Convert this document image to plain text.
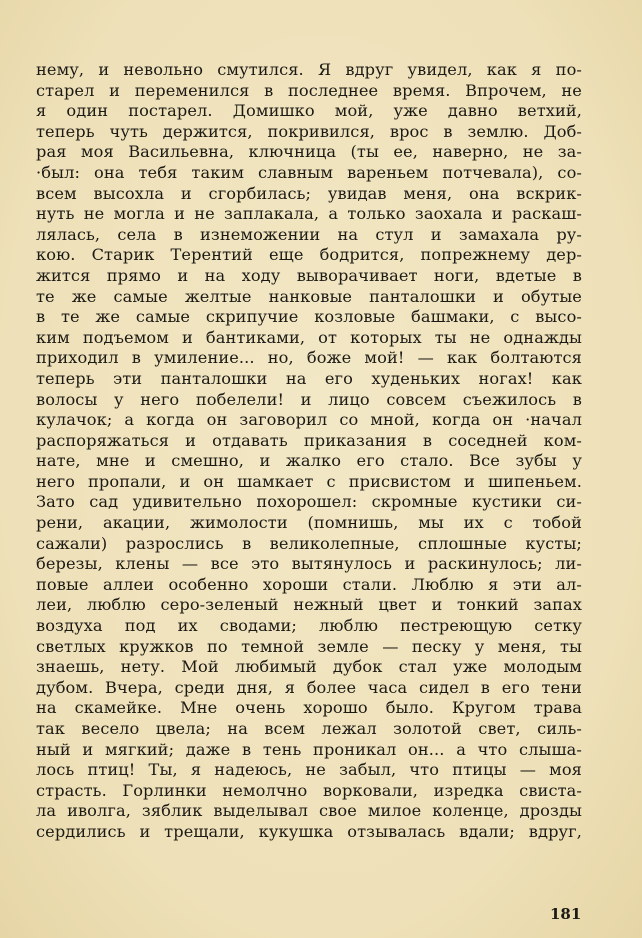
нему, и невольно смутился. Я вдруг увидел, как я по-
старел и переменился в последнее время. Впрочем, не
я один постарел. Домишко мой, уже давно ветхий,
теперь чуть держится, покривился, врос в землю. Доб-
рая моя Васильевна, ключница (ты ее, наверно, не за-
·был: она тебя таким славным вареньем потчевала), со-
всем высохла и сгорбилась; увидав меня, она вскрик-
нуть не могла и не заплакала, а только заохала и раскаш-
лялась, села в изнеможении на стул и замахала ру-
кою. Старик Терентий еще бодрится, попрежнему дер-
жится прямо и на ходу выворачивает ноги, вдетые в
те же самые желтые нанковые панталошки и обутые
в те же самые скрипучие козловые башмаки, с высо-
ким подъемом и бантиками, от которых ты не однажды
приходил в умиление... но, боже мой! — как болтаются
теперь эти панталошки на его худеньких ногах! как
волосы у него побелели! и лицо совсем съежилось в
кулачок; а когда он заговорил со мной, когда он ·начал
распоряжаться и отдавать приказания в соседней ком-
нате, мне и смешно, и жалко его стало. Все зубы у
него пропали, и он шамкает с присвистом и шипеньем.
Зато сад удивительно похорошел: скромные кустики си-
рени, акации, жимолости (помнишь, мы их с тобой
сажали) разрослись в великолепные, сплошные кусты;
березы, клены — все это вытянулось и раскинулось; ли-
повые аллеи особенно хороши стали. Люблю я эти ал-
леи, люблю серо-зеленый нежный цвет и тонкий запах
воздуха под их сводами; люблю пестреющую сетку
светлых кружков по темной земле — песку у меня, ты
знаешь, нету. Мой любимый дубок стал уже молодым
дубом. Вчера, среди дня, я более часа сидел в его тени
на скамейке. Мне очень хорошо было. Кругом трава
так весело цвела; на всем лежал золотой свет, силь-
ный и мягкий; даже в тень проникал он... а что слыша-
лось птиц! Ты, я надеюсь, не забыл, что птицы — моя
страсть. Горлинки немолчно ворковали, изредка свиста-
ла иволга, зяблик выделывал свое милое коленце, дрозды
сердились и трещали, кукушка отзывалась вдали; вдруг,
181
